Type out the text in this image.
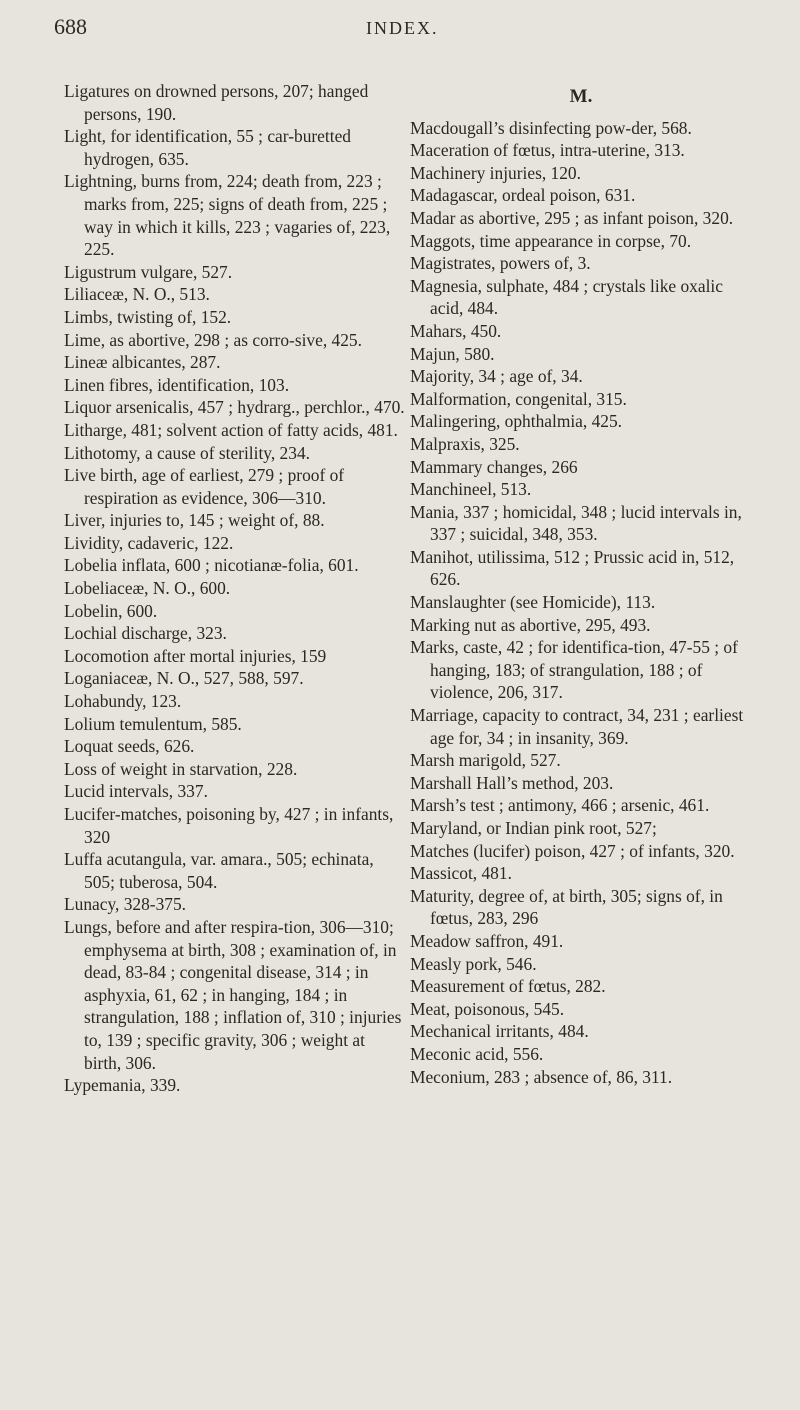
688	INDEX.

Ligatures on drowned persons, 207; hanged persons, 190.

Light, for identification, 55 ; car-buretted hydrogen, 635.

Lightning, burns from, 224; death from, 223 ; marks from, 225; signs of death from, 225 ; way in which it kills, 223 ; vagaries of, 223, 225.

Ligustrum vulgare, 527.

Liliaceæ, N. O., 513.

Limbs, twisting of, 152.

Lime, as abortive, 298 ; as corro-sive, 425.

Lineæ albicantes, 287.

Linen fibres, identification, 103.

Liquor arsenicalis, 457 ; hydrarg., perchlor., 470.

Litharge, 481; solvent action of fatty acids, 481.

Lithotomy, a cause of sterility, 234.

Live birth, age of earliest, 279 ; proof of respiration as evidence, 306—310.

Liver, injuries to, 145 ; weight of, 88.

Lividity, cadaveric, 122.

Lobelia inflata, 600 ; nicotianæ-folia, 601.

Lobeliaceæ, N. O., 600.

Lobelin, 600.

Lochial discharge, 323.

Locomotion after mortal injuries, 159

Loganiaceæ, N. O., 527, 588, 597.

Lohabundy, 123.

Lolium temulentum, 585.

Loquat seeds, 626.

Loss of weight in starvation, 228.

Lucid intervals, 337.

Lucifer-matches, poisoning by, 427 ; in infants, 320

Luffa acutangula, var. amara., 505; echinata, 505; tuberosa, 504.

Lunacy, 328-375.

Lungs, before and after respira-tion, 306—310; emphysema at birth, 308 ; examination of, in dead, 83-84 ; congenital disease, 314 ; in asphyxia, 61, 62 ; in hanging, 184 ; in strangulation, 188 ; inflation of, 310 ; injuries to, 139 ; specific gravity, 306 ; weight at birth, 306.

Lypemania, 339.

M.

Macdougall’s disinfecting pow-der, 568.

Maceration of fœtus, intra-uterine, 313.

Machinery injuries, 120.

Madagascar, ordeal poison, 631.

Madar as abortive, 295 ; as infant poison, 320.

Maggots, time appearance in corpse, 70.

Magistrates, powers of, 3.

Magnesia, sulphate, 484 ; crystals like oxalic acid, 484.

Mahars, 450.

Majun, 580.

Majority, 34 ; age of, 34.

Malformation, congenital, 315.

Malingering, ophthalmia, 425.

Malpraxis, 325.

Mammary changes, 266

Manchineel, 513.

Mania, 337 ; homicidal, 348 ; lucid intervals in, 337 ; suicidal, 348, 353.

Manihot, utilissima, 512 ; Prussic acid in, 512, 626.

Manslaughter (see Homicide), 113.

Marking nut as abortive, 295, 493.

Marks, caste, 42 ; for identifica-tion, 47-55 ; of hanging, 183; of strangulation, 188 ; of violence, 206, 317.

Marriage, capacity to contract, 34, 231 ; earliest age for, 34 ; in insanity, 369.

Marsh marigold, 527.

Marshall Hall’s method, 203.

Marsh’s test ; antimony, 466 ; arsenic, 461.

Maryland, or Indian pink root, 527;

Matches (lucifer) poison, 427 ; of infants, 320.

Massicot, 481.

Maturity, degree of, at birth, 305; signs of, in fœtus, 283, 296

Meadow saffron, 491.

Measly pork, 546.

Measurement of fœtus, 282.

Meat, poisonous, 545.

Mechanical irritants, 484.

Meconic acid, 556.

Meconium, 283 ; absence of, 86, 311.
